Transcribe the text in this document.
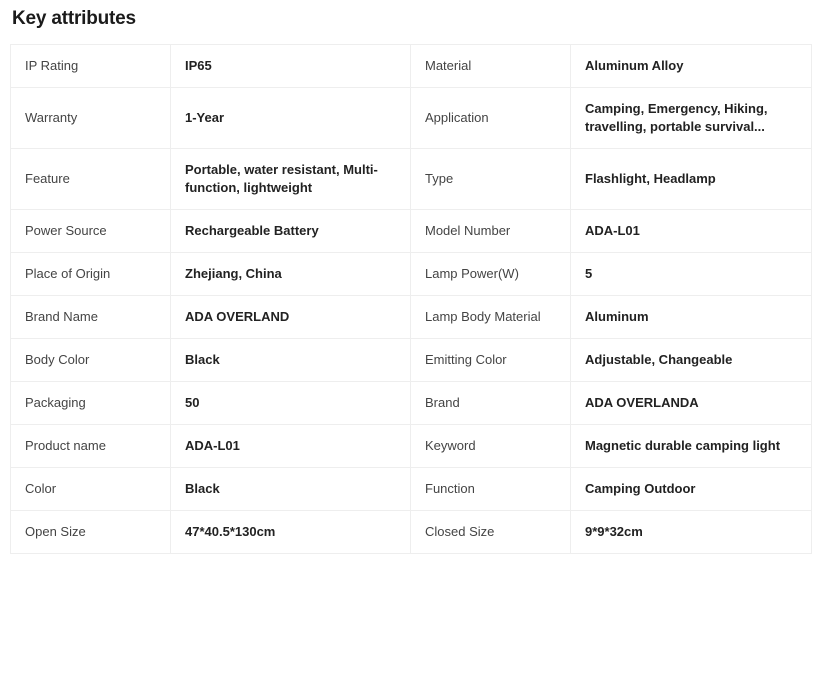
Key attributes
IP Rating	IP65	Material	Aluminum Alloy

Warranty	1-Year	Application	Camping, Emergency, Hiking, travelling, portable survival...

Feature	Portable, water resistant, Multi-function, lightweight	Type	Flashlight, Headlamp

Power Source	Rechargeable Battery	Model Number	ADA-L01

Place of Origin	Zhejiang, China	Lamp Power(W)	5

Brand Name	ADA OVERLAND	Lamp Body Material	Aluminum

Body Color	Black	Emitting Color	Adjustable, Changeable

Packaging	50	Brand	ADA OVERLANDA

Product name	ADA-L01	Keyword	Magnetic durable camping light

Color	Black	Function	Camping Outdoor

Open Size	47*40.5*130cm	Closed Size	9*9*32cm
